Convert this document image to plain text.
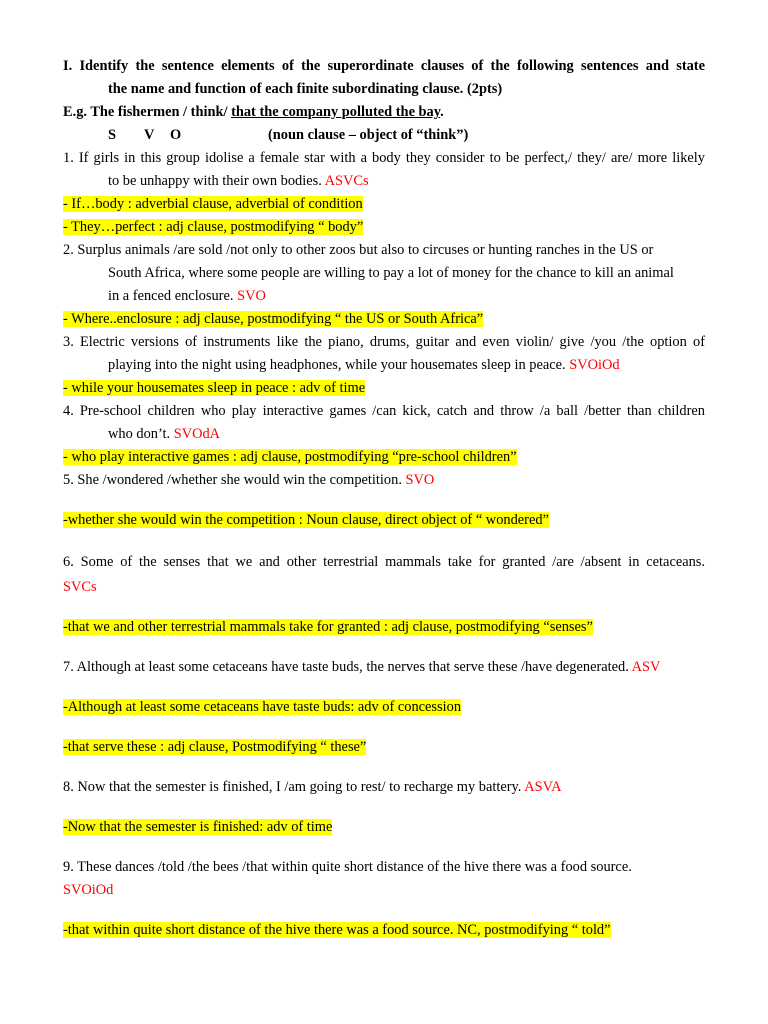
I. Identify the sentence elements of the superordinate clauses of the following sentences and state

the name and function of each finite subordinating clause. (2pts)

E.g. The fishermen / think/ that the company polluted the bay.

S V O	(noun clause – object of “think”)

1. If girls in this group idolise a female star with a body they consider to be perfect,/ they/ are/ more likely

to be unhappy with their own bodies. ASVCs

- If…body : adverbial clause, adverbial of condition

- They…perfect : adj clause, postmodifying “ body”

2. Surplus animals /are sold /not only to other zoos but also to circuses or hunting ranches in the US or

South Africa, where some people are willing to pay a lot of money for the chance to kill an animal

in a fenced enclosure. SVO

- Where..enclosure : adj clause, postmodifying “ the US or South Africa”

3. Electric versions of instruments like the piano, drums, guitar and even violin/ give /you /the option of

playing into the night using headphones, while your housemates sleep in peace. SVOiOd

- while your housemates sleep in peace : adv of time

4. Pre-school children who play interactive games /can kick, catch and throw /a ball /better than children

who don’t. SVOdA

- who play interactive games : adj clause, postmodifying “pre-school children”

5. She /wondered /whether she would win the competition. SVO

-whether she would win the competition : Noun clause, direct object of “ wondered”

6. Some of the senses that we and other terrestrial mammals take for granted /are /absent in cetaceans.

SVCs

-that we and other terrestrial mammals take for granted : adj clause, postmodifying “senses”

7. Although at least some cetaceans have taste buds, the nerves that serve these /have degenerated. ASV

-Although at least some cetaceans have taste buds: adv of concession

-that serve these : adj clause, Postmodifying “ these”

8. Now that the semester is finished, I /am going to rest/ to recharge my battery. ASVA

-Now that the semester is finished: adv of time

9. These dances /told /the bees /that within quite short distance of the hive there was a food source.

SVOiOd

-that within quite short distance of the hive there was a food source. NC, postmodifying “ told”
